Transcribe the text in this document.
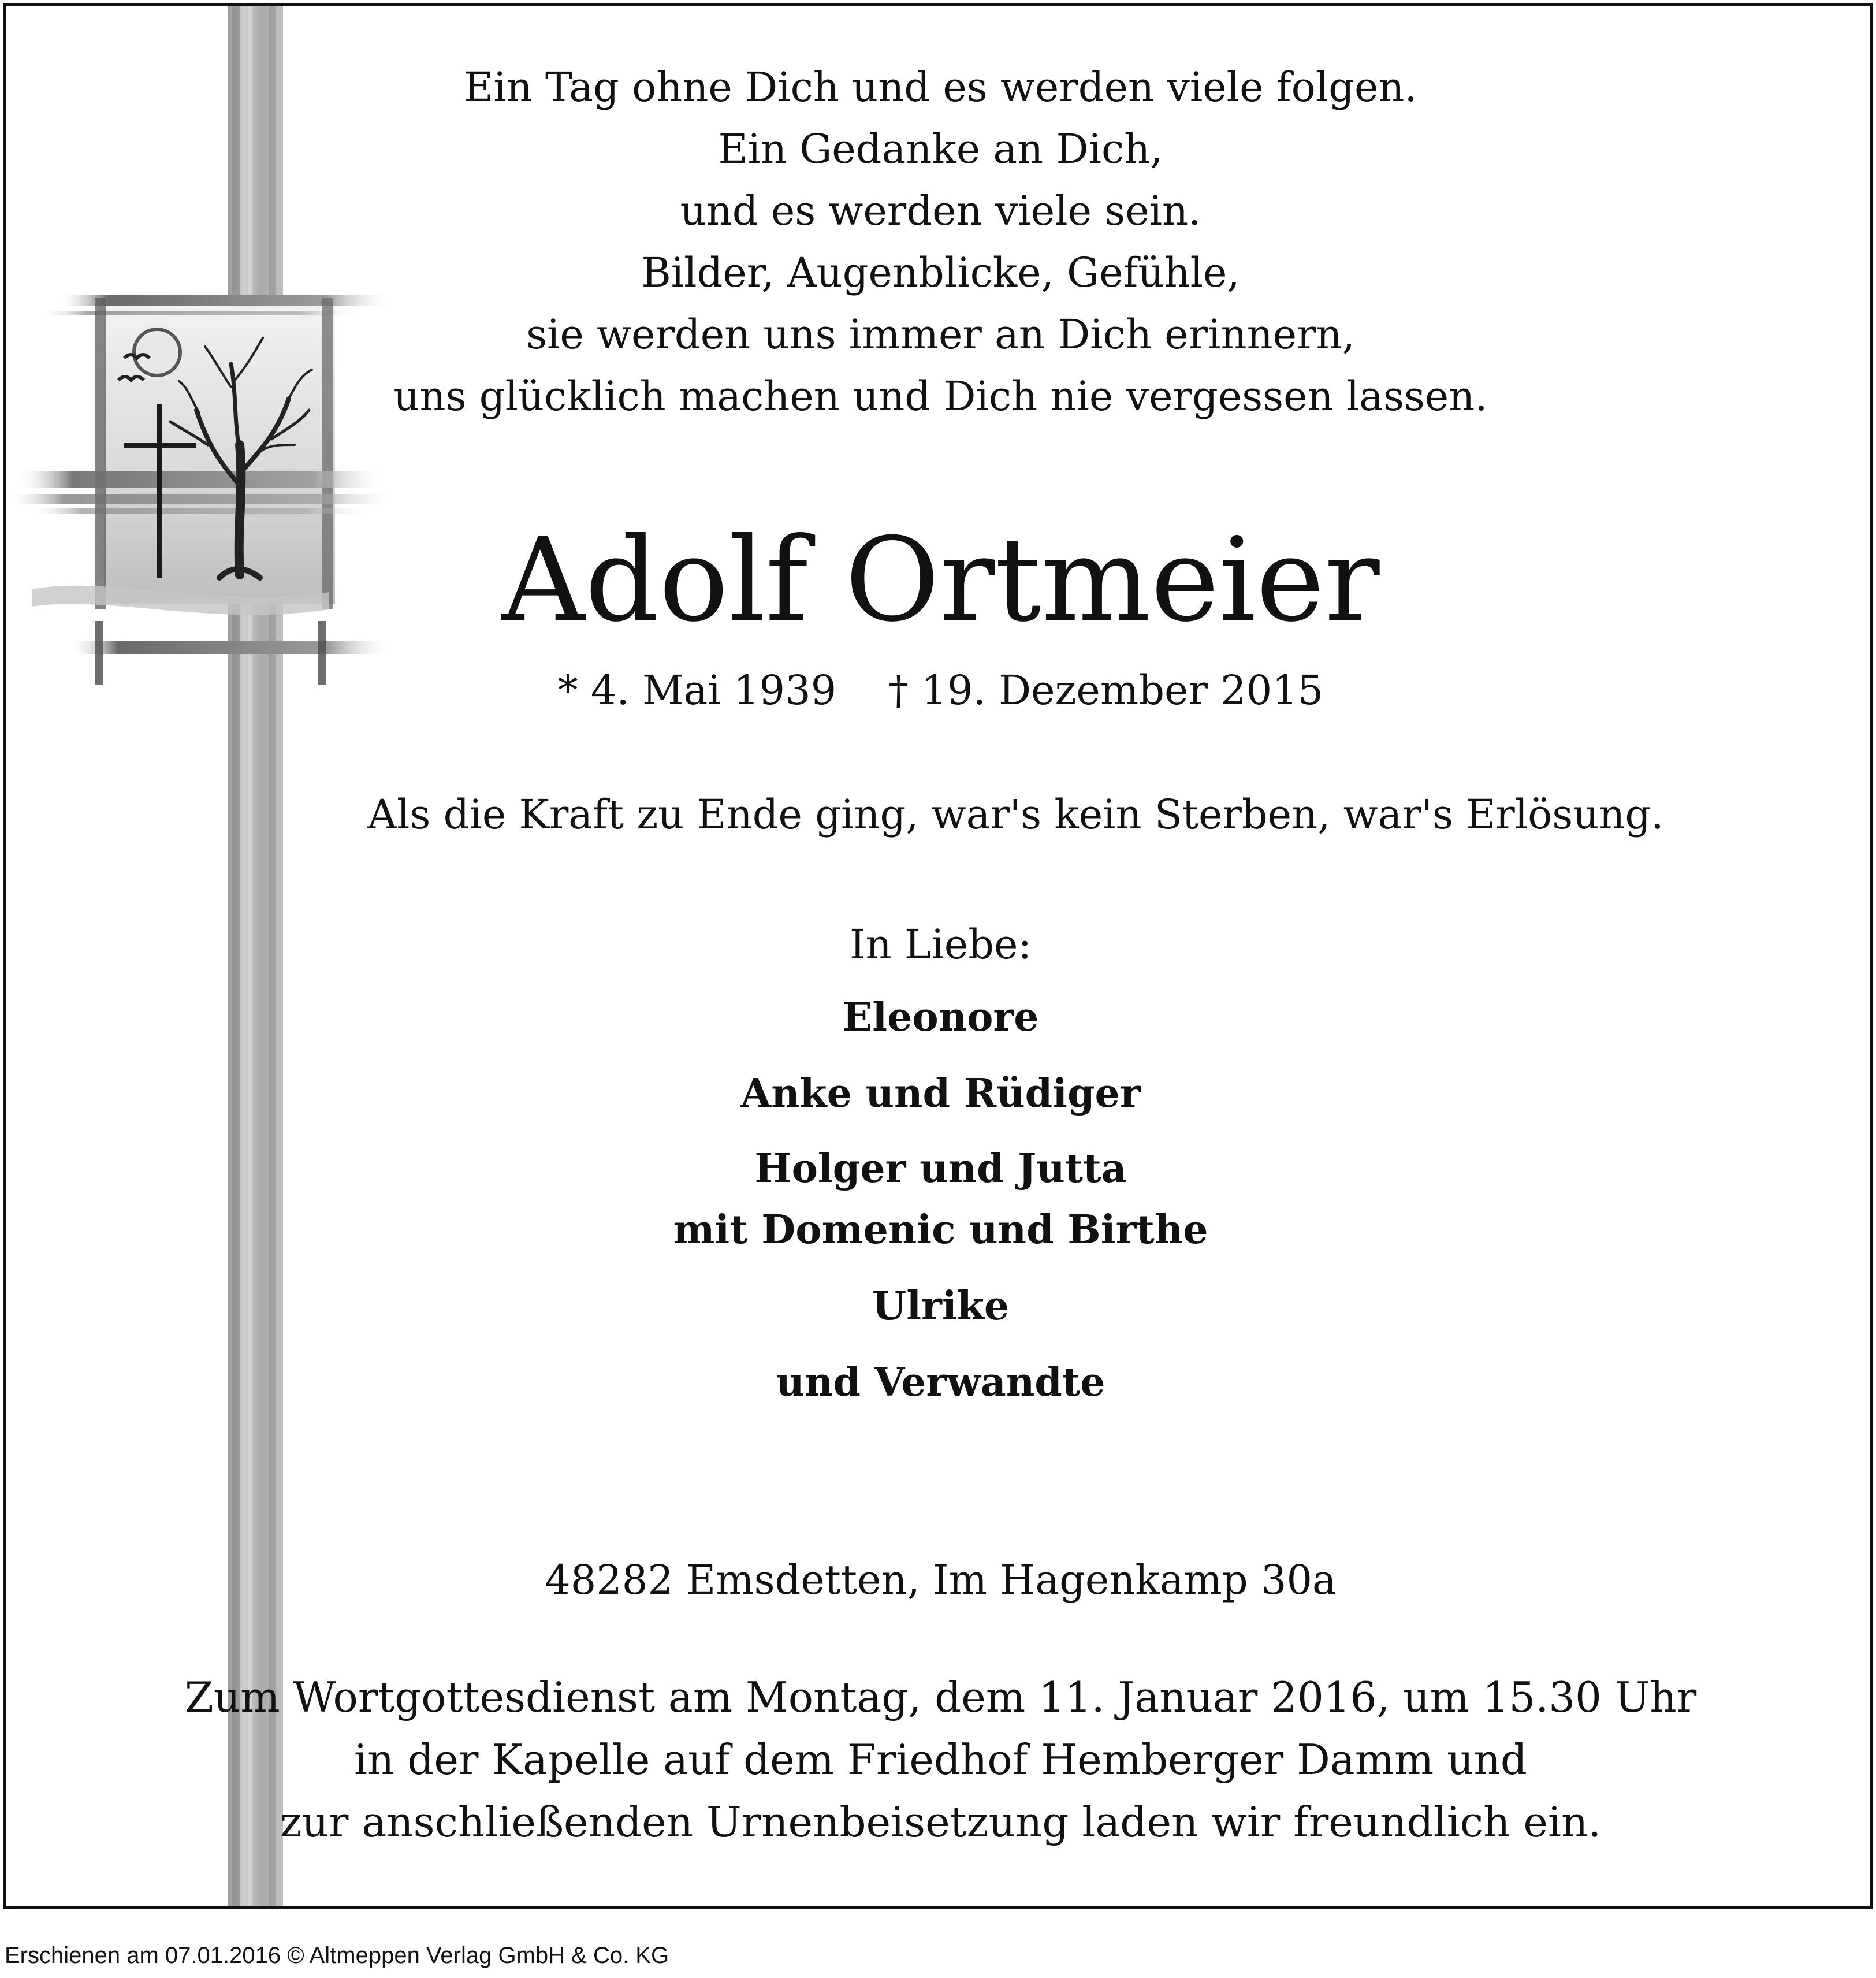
Ein Tag ohne Dich und es werden viele folgen.
Ein Gedanke an Dich,
und es werden viele sein.
Bilder, Augenblicke, Gefühle,
sie werden uns immer an Dich erinnern,
uns glücklich machen und Dich nie vergessen lassen.
Adolf Ortmeier
* 4. Mai 1939 † 19. Dezember 2015
Als die Kraft zu Ende ging, war's kein Sterben, war's Erlösung.
In Liebe:
Eleonore
Anke und Rüdiger
Holger und Jutta
mit Domenic und Birthe
Ulrike
und Verwandte
48282 Emsdetten, Im Hagenkamp 30a
Zum Wortgottesdienst am Montag, dem 11. Januar 2016, um 15.30 Uhr
in der Kapelle auf dem Friedhof Hemberger Damm und
zur anschließenden Urnenbeisetzung laden wir freundlich ein.
Erschienen am 07.01.2016 © Altmeppen Verlag GmbH & Co. KG
